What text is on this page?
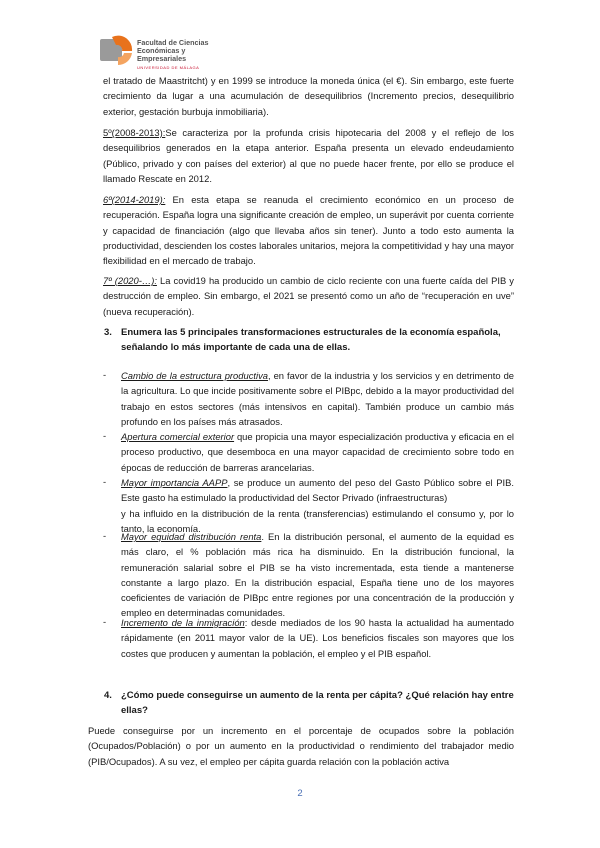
Facultad de Ciencias Económicas y Empresariales
UNIVERSIDAD DE MÁLAGA

el tratado de Maastritcht) y en 1999 se introduce la moneda única (el €). Sin embargo, este fuerte crecimiento da lugar a una acumulación de desequilibrios (Incremento precios, desequilibrio exterior, gestación burbuja inmobiliaria).

5º(2008-2013):Se caracteriza por la profunda crisis hipotecaria del 2008 y el reflejo de los desequilibrios generados en la etapa anterior. España presenta un elevado endeudamiento (Público, privado y con países del exterior) al que no puede hacer frente, por ello se produce el llamado Rescate en 2012.

6º(2014-2019): En esta etapa se reanuda el crecimiento económico en un proceso de recuperación. España logra una significante creación de empleo, un superávit por cuenta corriente y capacidad de financiación (algo que llevaba años sin tener). Junto a todo esto aumenta la productividad, descienden los costes laborales unitarios, mejora la competitividad y hay una mayor flexibilidad en el mercado de trabajo.

7º (2020-…): La covid19 ha producido un cambio de ciclo reciente con una fuerte caída del PIB y destrucción de empleo. Sin embargo, el 2021 se presentó como un año de “recuperación en uve” (nueva recuperación).

3. Enumera las 5 principales transformaciones estructurales de la economía española, señalando lo más importante de cada una de ellas.
- Cambio de la estructura productiva, en favor de la industria y los servicios y en detrimento de la agricultura. Lo que incide positivamente sobre el PIBpc, debido a la mayor productividad del trabajo en estos sectores (más intensivos en capital). También produce un cambio más profundo en los países más atrasados.

- Apertura comercial exterior que propicia una mayor especialización productiva y eficacia en el proceso productivo, que desemboca en una mayor capacidad de crecimiento sobre todo en épocas de reducción de barreras arancelarias.

- Mayor importancia AAPP, se produce un aumento del peso del Gasto Público sobre el PIB. Este gasto ha estimulado la productividad del Sector Privado (infraestructuras)
y ha influido en la distribución de la renta (transferencias) estimulando el consumo y, por lo tanto, la economía.

- Mayor equidad distribución renta. En la distribución personal, el aumento de la equidad es más claro, el % población más rica ha disminuido. En la distribución funcional, la remuneración salarial sobre el PIB se ha visto incrementada, esta tiende a mantenerse constante a largo plazo. En la distribución espacial, España tiene uno de los mayores coeficientes de variación de PIBpc entre regiones por una concentración de la producción y empleo en determinadas comunidades.

- Incremento de la inmigración: desde mediados de los 90 hasta la actualidad ha aumentado rápidamente (en 2011 mayor valor de la UE). Los beneficios fiscales son mayores que los costes que producen y aumentan la población, el empleo y el PIB español.

4. ¿Cómo puede conseguirse un aumento de la renta per cápita? ¿Qué relación hay entre ellas?

Puede conseguirse por un incremento en el porcentaje de ocupados sobre la población (Ocupados/Población) o por un aumento en la productividad o rendimiento del trabajador medio (PIB/Ocupados). A su vez, el empleo per cápita guarda relación con la población activa

2
